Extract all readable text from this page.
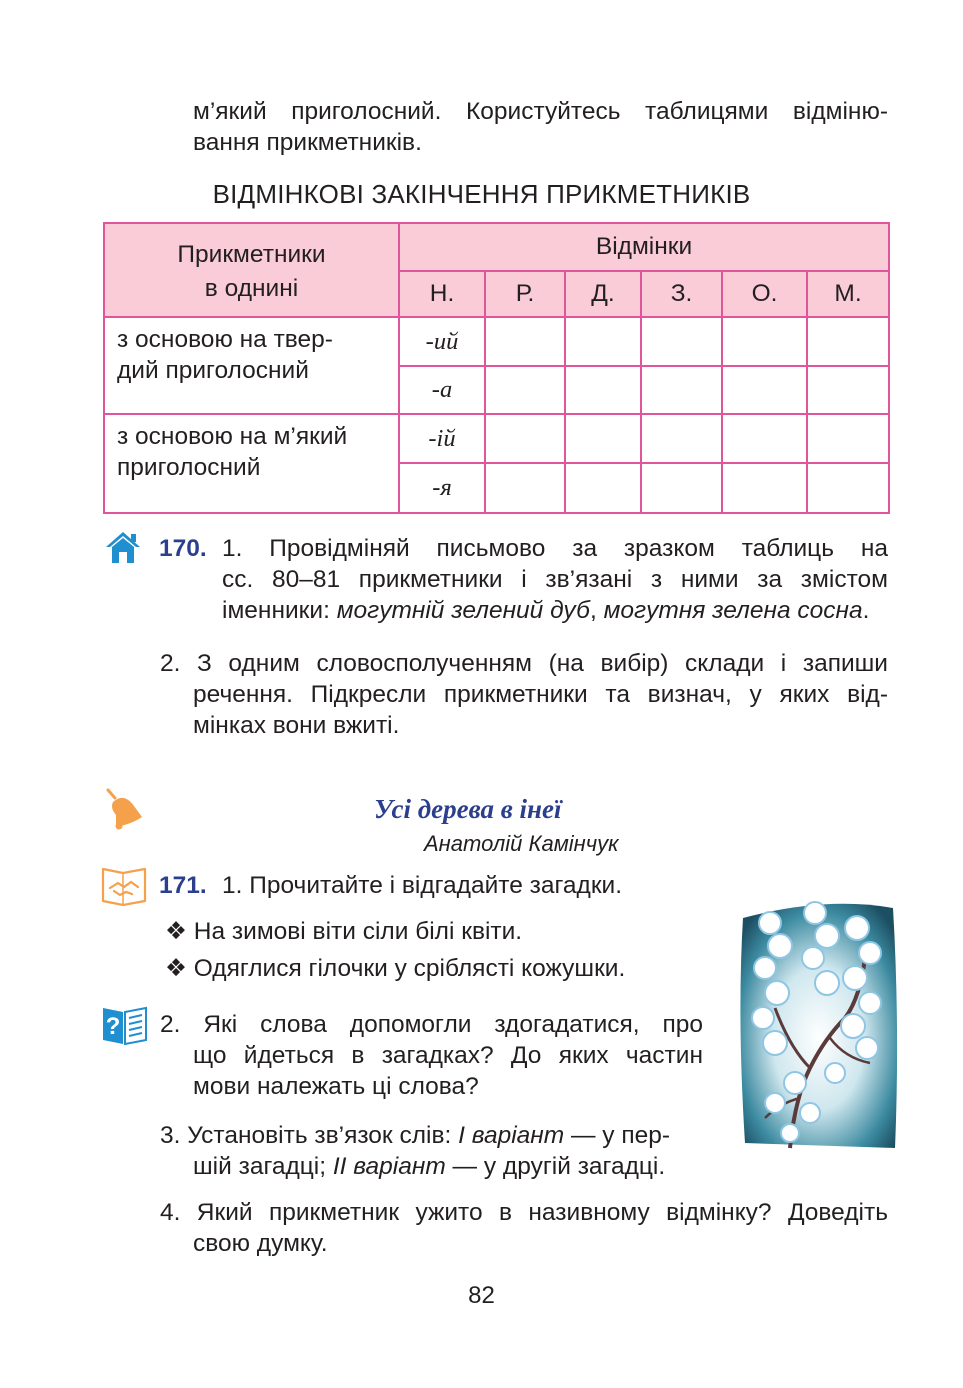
м’який приголосний. Користуйтесь таблицями відміню-
вання прикметників.
ВІДМІНКОВІ ЗАКІНЧЕННЯ ПРИКМЕТНИКІВ
Прикметники
в однині	Відмінки					
	Н.	Р.	Д.	З.	О.	М.

з основою на твер-
дий приголосний	-ий					
	-а					

з основою на м’який
приголосний	-ій					
	-я					
170. 1. Провідміняй письмово за зразком таблиць на
сс. 80–81 прикметники і зв’язані з ними за змістом
іменники: могутній зелений дуб, могутня зелена сосна.
2. З одним словосполученням (на вибір) склади і запиши
речення. Підкресли прикметники та визнач, у яких від-
мінках вони вжиті.
Усі дерева в інеї
Анатолій Камінчук
171. 1. Прочитайте і відгадайте загадки.
❖ На зимові віти сіли білі квіти.
❖ Одяглися гілочки у сріблясті кожушки.
? 2. Які слова допомогли здогадатися, про
що йдеться в загадках? До яких частин
мови належать ці слова?
3. Установіть зв’язок слів: І варіант — у пер-
шій загадці; ІІ варіант — у другій загадці.
4. Який прикметник ужито в називному відмінку? Доведіть
свою думку.
82
